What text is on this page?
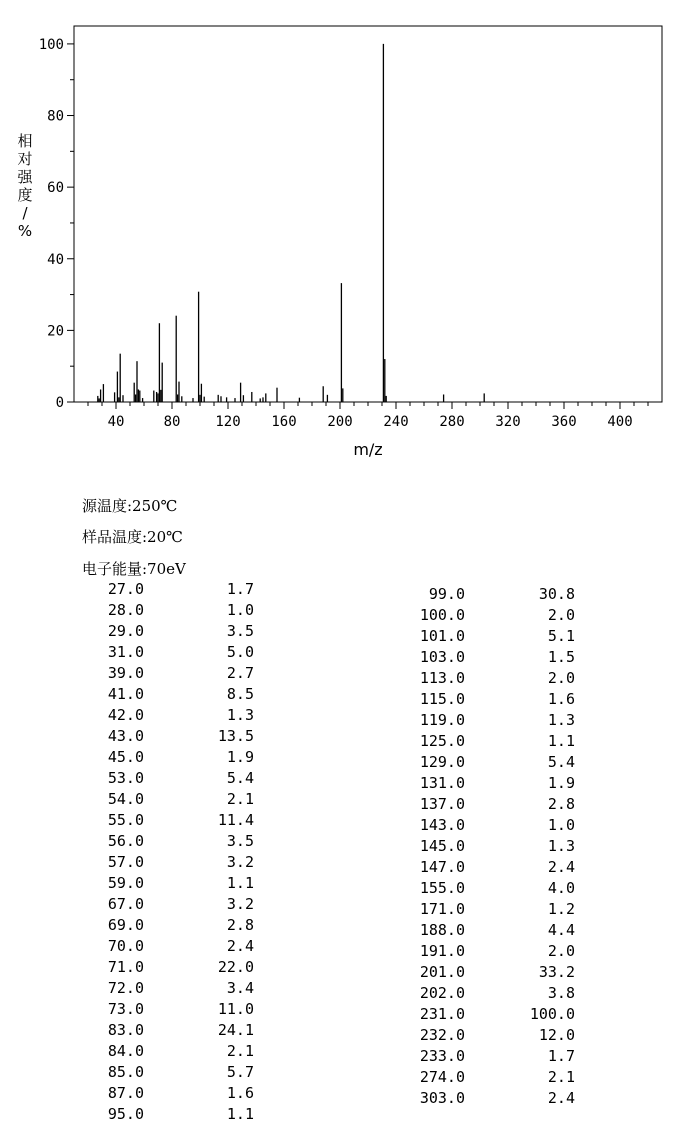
40	80 120 160 200 240 280 320 360 400
0
20
40
60
80
100
m/z
相
对
强
度
/
%
源温度:250℃
样品温度:20℃
电子能量:70eV
27.0	1.7
28.0	1.0
29.0	3.5
31.0	5.0
39.0	2.7
41.0	8.5
42.0	1.3
43.0	13.5
45.0	1.9
53.0	5.4
54.0	2.1
55.0	11.4
56.0	3.5
57.0	3.2
59.0	1.1
67.0	3.2
69.0	2.8
70.0	2.4
71.0	22.0
72.0	3.4
73.0	11.0
83.0	24.1
84.0	2.1
85.0	5.7
87.0	1.6
95.0	1.1
99.0	30.8
100.0	2.0
101.0	5.1
103.0	1.5
113.0	2.0
115.0	1.6
119.0	1.3
125.0	1.1
129.0	5.4
131.0	1.9
137.0	2.8
143.0	1.0
145.0	1.3
147.0	2.4
155.0	4.0
171.0	1.2
188.0	4.4
191.0	2.0
201.0	33.2
202.0	3.8
231.0	100.0
232.0	12.0
233.0	1.7
274.0	2.1
303.0	2.4
